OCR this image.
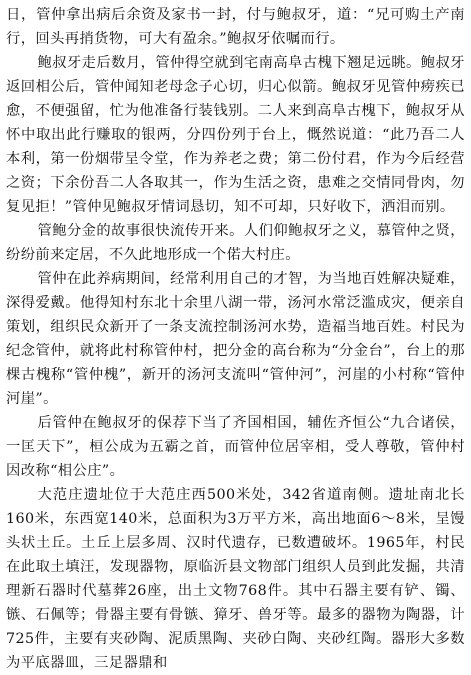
日，管仲拿出病后余资及家书一封，付与鲍叔牙，道：“兄可购土产南行，回头再捎货物，可大有盈余。”鲍叔牙依嘱而行。

鲍叔牙走后数月，管仲得空就到宅南高阜古槐下翘足远眺。鲍叔牙返回相公后，管仲闻知老母念子心切，归心似箭。鲍叔牙见管仲痨疾已愈，不便强留，忙为他准备行装钱别。二人来到高阜古槐下，鲍叔牙从怀中取出此行赚取的银两，分四份列于台上，慨然说道：“此乃吾二人本利，第一份烟带呈令堂，作为养老之费；第二份付君，作为今后经营之资；下余份吾二人各取其一，作为生活之资，患难之交情同骨肉，勿复见拒！”管仲见鲍叔牙情词恳切，知不可却，只好收下，洒泪而别。

管鲍分金的故事很快流传开来。人们仰鲍叔牙之义，慕管仲之贤，纷纷前来定居，不久此地形成一个偌大村庄。

管仲在此养病期间，经常利用自己的才智，为当地百姓解决疑难，深得爱戴。他得知村东北十余里八湖一带，汤河水常泛滥成灾，便亲自策划，组织民众新开了一条支流控制汤河水势，造福当地百姓。村民为纪念管仲，就将此村称管仲村，把分金的高台称为“分金台”，台上的那棵古槐称“管仲槐”，新开的汤河支流叫“管仲河”，河崖的小村称“管仲河崖”。

后管仲在鲍叔牙的保荐下当了齐国相国，辅佐齐恒公“九合诸侯，一匡天下”，桓公成为五霸之首，而管仲位居宰相，受人尊敬，管仲村因改称“相公庄”。

大范庄遗址位于大范庄西500米处，342省道南侧。遗址南北长160米，东西宽140米，总面积为3万平方米，高出地面6～8米，呈馒头状土丘。土丘上层多周、汉时代遗存，已数遭破坏。1965年，村民在此取土填汪，发现器物，原临沂县文物部门组织人员到此发掘，共清理新石器时代墓葬26座，出土文物768件。其中石器主要有铲、镯、镞、石佩等；骨器主要有骨镞、獐牙、兽牙等。最多的器物为陶器，计725件，主要有夹砂陶、泥质黑陶、夹砂白陶、夹砂红陶。器形大多数为平底器皿，三足器鼎和
